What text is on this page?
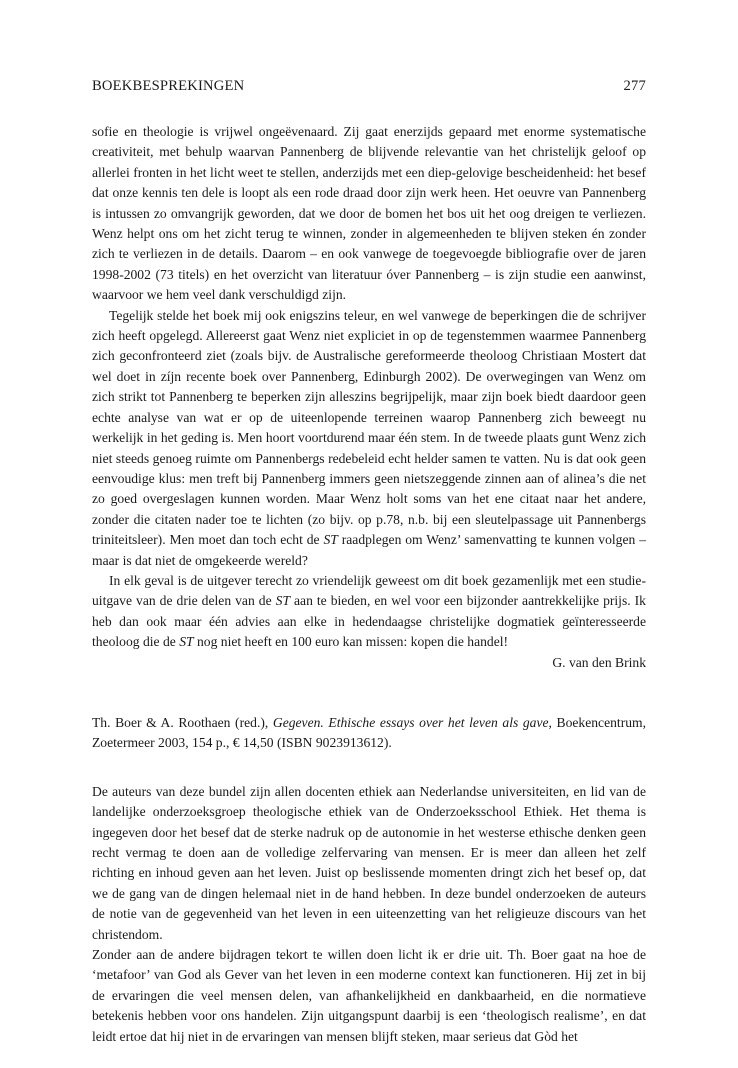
BOEKBESPREKINGEN	277

sofie en theologie is vrijwel ongeëvenaard. Zij gaat enerzijds gepaard met enorme systematische creativiteit, met behulp waarvan Pannenberg de blijvende relevantie van het christelijk geloof op allerlei fronten in het licht weet te stellen, anderzijds met een diep-gelovige bescheidenheid: het besef dat onze kennis ten dele is loopt als een rode draad door zijn werk heen. Het oeuvre van Pannenberg is intussen zo omvangrijk geworden, dat we door de bomen het bos uit het oog dreigen te verliezen. Wenz helpt ons om het zicht terug te winnen, zonder in algemeenheden te blijven steken én zonder zich te verliezen in de details. Daarom – en ook vanwege de toegevoegde bibliografie over de jaren 1998-2002 (73 titels) en het overzicht van literatuur óver Pannenberg – is zijn studie een aanwinst, waarvoor we hem veel dank verschuldigd zijn.

Tegelijk stelde het boek mij ook enigszins teleur, en wel vanwege de beperkingen die de schrijver zich heeft opgelegd. Allereerst gaat Wenz niet expliciet in op de tegenstemmen waarmee Pannenberg zich geconfronteerd ziet (zoals bijv. de Australische gereformeerde theoloog Christiaan Mostert dat wel doet in zíjn recente boek over Pannenberg, Edinburgh 2002). De overwegingen van Wenz om zich strikt tot Pannenberg te beperken zijn alleszins begrijpelijk, maar zijn boek biedt daardoor geen echte analyse van wat er op de uiteenlopende terreinen waarop Pannenberg zich beweegt nu werkelijk in het geding is. Men hoort voortdurend maar één stem. In de tweede plaats gunt Wenz zich niet steeds genoeg ruimte om Pannenbergs redebeleid echt helder samen te vatten. Nu is dat ook geen eenvoudige klus: men treft bij Pannenberg immers geen nietszeggende zinnen aan of alinea’s die net zo goed overgeslagen kunnen worden. Maar Wenz holt soms van het ene citaat naar het andere, zonder die citaten nader toe te lichten (zo bijv. op p.78, n.b. bij een sleutelpassage uit Pannenbergs triniteitsleer). Men moet dan toch echt de ST raadplegen om Wenz’ samenvatting te kunnen volgen – maar is dat niet de omgekeerde wereld?

In elk geval is de uitgever terecht zo vriendelijk geweest om dit boek gezamenlijk met een studie-uitgave van de drie delen van de ST aan te bieden, en wel voor een bijzonder aantrekkelijke prijs. Ik heb dan ook maar één advies aan elke in hedendaagse christelijke dogmatiek geïnteresseerde theoloog die de ST nog niet heeft en 100 euro kan missen: kopen die handel!

G. van den Brink

Th. Boer & A. Roothaen (red.), Gegeven. Ethische essays over het leven als gave, Boekencentrum, Zoetermeer 2003, 154 p., € 14,50 (ISBN 9023913612).

De auteurs van deze bundel zijn allen docenten ethiek aan Nederlandse universiteiten, en lid van de landelijke onderzoeksgroep theologische ethiek van de Onderzoeksschool Ethiek. Het thema is ingegeven door het besef dat de sterke nadruk op de autonomie in het westerse ethische denken geen recht vermag te doen aan de volledige zelfervaring van mensen. Er is meer dan alleen het zelf richting en inhoud geven aan het leven. Juist op beslissende momenten dringt zich het besef op, dat we de gang van de dingen helemaal niet in de hand hebben. In deze bundel onderzoeken de auteurs de notie van de gegevenheid van het leven in een uiteenzetting van het religieuze discours van het christendom.

Zonder aan de andere bijdragen tekort te willen doen licht ik er drie uit. Th. Boer gaat na hoe de ‘metafoor’ van God als Gever van het leven in een moderne context kan functioneren. Hij zet in bij de ervaringen die veel mensen delen, van afhankelijkheid en dankbaarheid, en die normatieve betekenis hebben voor ons handelen. Zijn uitgangspunt daarbij is een ‘theologisch realisme’, en dat leidt ertoe dat hij niet in de ervaringen van mensen blijft steken, maar serieus dat Gòd het
